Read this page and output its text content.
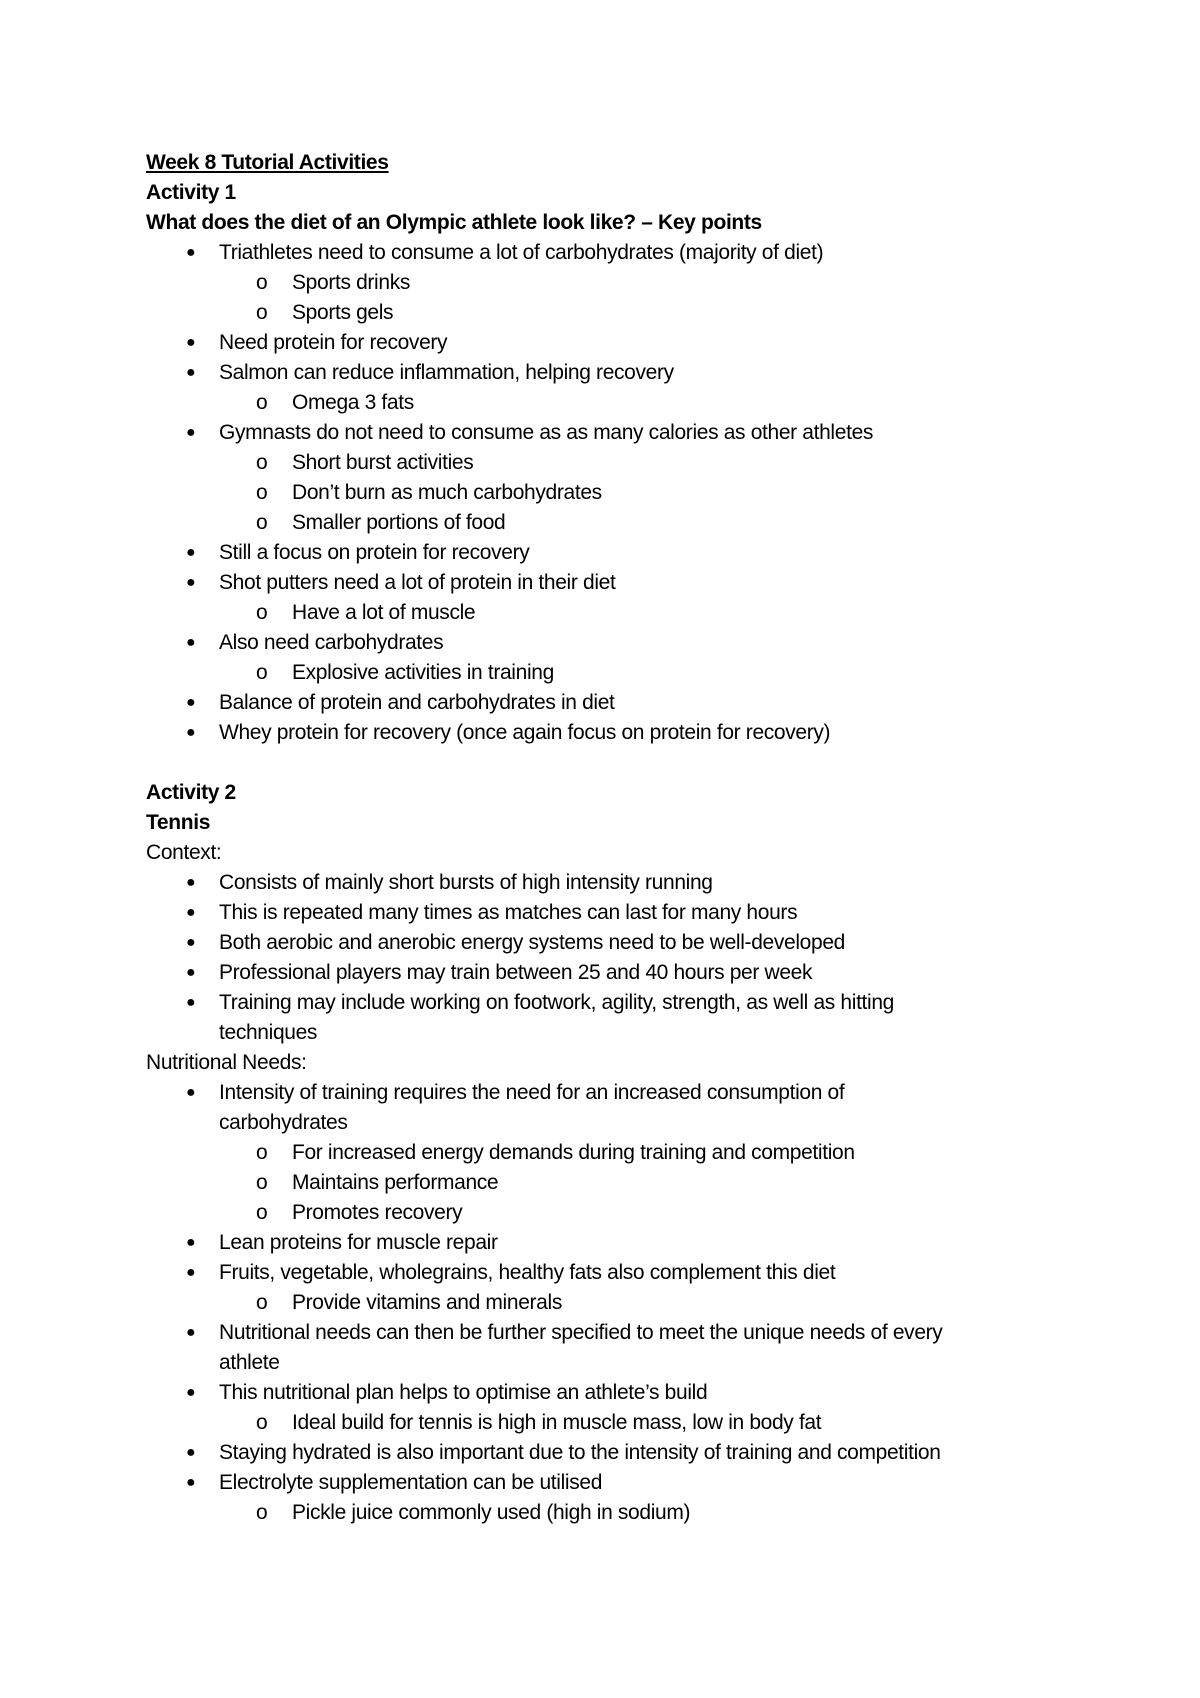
Week 8 Tutorial Activities
Activity 1
What does the diet of an Olympic athlete look like? – Key points
● Triathletes need to consume a lot of carbohydrates (majority of diet)
o Sports drinks
o Sports gels
● Need protein for recovery
● Salmon can reduce inflammation, helping recovery
o Omega 3 fats
● Gymnasts do not need to consume as as many calories as other athletes
o Short burst activities
o Don’t burn as much carbohydrates
o Smaller portions of food
● Still a focus on protein for recovery
● Shot putters need a lot of protein in their diet
o Have a lot of muscle
● Also need carbohydrates
o Explosive activities in training
● Balance of protein and carbohydrates in diet
● Whey protein for recovery (once again focus on protein for recovery)
Activity 2
Tennis
Context:
● Consists of mainly short bursts of high intensity running
● This is repeated many times as matches can last for many hours
● Both aerobic and anerobic energy systems need to be well-developed
● Professional players may train between 25 and 40 hours per week
● Training may include working on footwork, agility, strength, as well as hitting
techniques
Nutritional Needs:
● Intensity of training requires the need for an increased consumption of
carbohydrates
o For increased energy demands during training and competition
o Maintains performance
o Promotes recovery
● Lean proteins for muscle repair
● Fruits, vegetable, wholegrains, healthy fats also complement this diet
o Provide vitamins and minerals
● Nutritional needs can then be further specified to meet the unique needs of every
athlete
● This nutritional plan helps to optimise an athlete’s build
o Ideal build for tennis is high in muscle mass, low in body fat
● Staying hydrated is also important due to the intensity of training and competition
● Electrolyte supplementation can be utilised
o Pickle juice commonly used (high in sodium)
